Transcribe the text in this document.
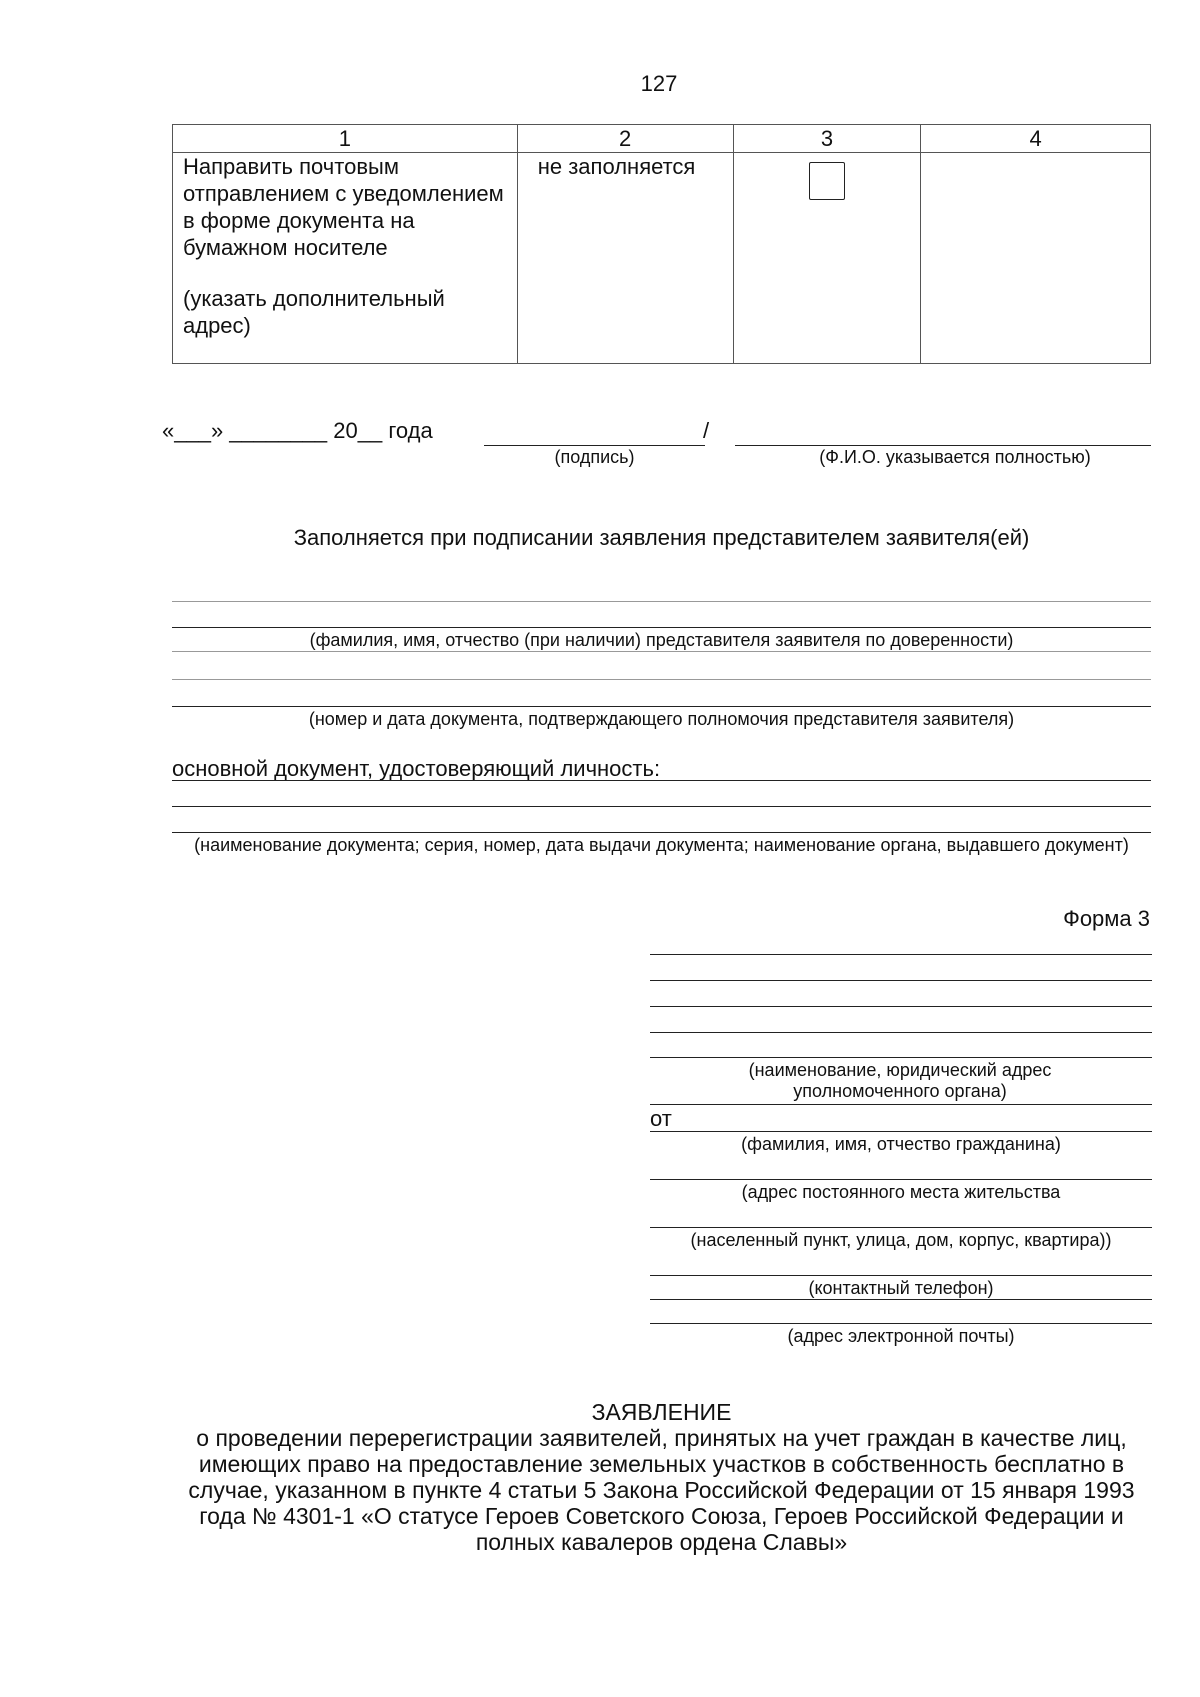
127
1	2	3	4

Направить почтовым отправлением с уведомлением в форме документа на бумажном носителе
(указать дополнительный адрес)	не заполняется	

«___» ________ 20__ года	/
(подпись)	(Ф.И.О. указывается полностью)
Заполняется при подписании заявления представителем заявителя(ей)
(фамилия, имя, отчество (при наличии) представителя заявителя по доверенности)
(номер и дата документа, подтверждающего полномочия представителя заявителя)
основной документ, удостоверяющий личность:
(наименование документа; серия, номер, дата выдачи документа; наименование органа, выдавшего документ)
Форма 3
(наименование, юридический адрес уполномоченного органа)
от
(фамилия, имя, отчество гражданина)
(адрес постоянного места жительства
(населенный пункт, улица, дом, корпус, квартира))
(контактный телефон)
(адрес электронной почты)
ЗАЯВЛЕНИЕ
о проведении перерегистрации заявителей, принятых на учет граждан в качестве лиц, имеющих право на предоставление земельных участков в собственность бесплатно в случае, указанном в пункте 4 статьи 5 Закона Российской Федерации от 15 января 1993 года № 4301-1 «О статусе Героев Советского Союза, Героев Российской Федерации и полных кавалеров ордена Славы»
